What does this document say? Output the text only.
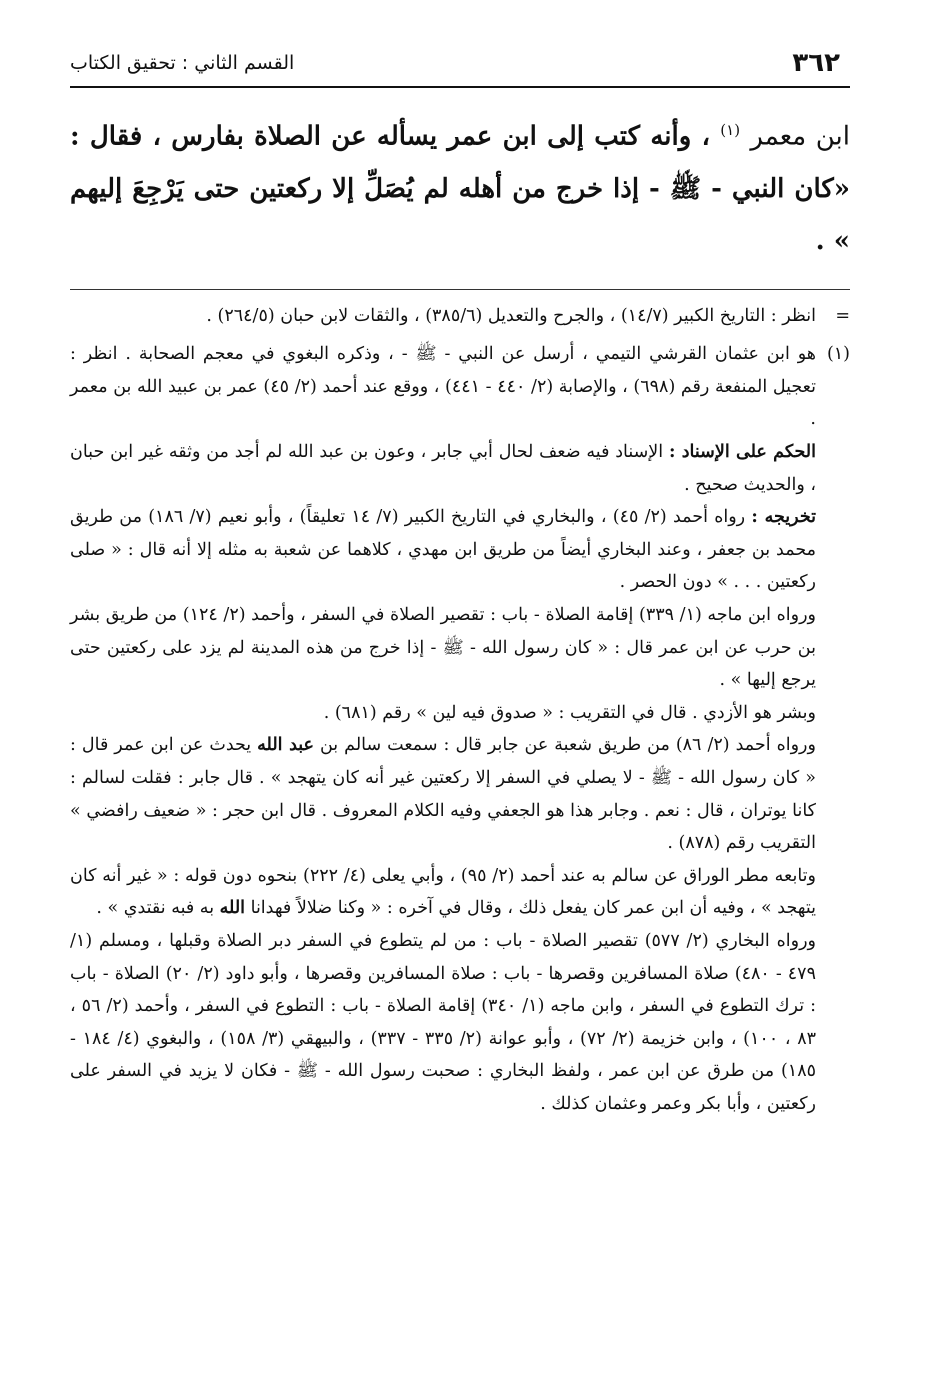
٣٦٢
القسم الثاني : تحقيق الكتاب
ابن معمر $^{(١)}$ ، وأنه كتب إلى ابن عمر يسأله عن الصلاة بفارس ، فقال : «كان النبي - ﷺ - إذا خرج من أهله لم يُصَلِّ إلا ركعتين حتى يَرْجِعَ إليهم » .

=
انظر : التاريخ الكبير (١٤/٧) ، والجرح والتعديل (٣٨٥/٦) ، والثقات لابن حبان (٢٦٤/٥) .

(١)

هو ابن عثمان القرشي التيمي ، أرسل عن النبي - ﷺ - ، وذكره البغوي في معجم الصحابة . انظر : تعجيل المنفعة رقم (٦٩٨) ، والإصابة (٢/ ٤٤٠ - ٤٤١) ، ووقع عند أحمد (٢/ ٤٥) عمر بن عبيد الله بن معمر .

الحكم على الإسناد : الإسناد فيه ضعف لحال أبي جابر ، وعون بن عبد الله لم أجد من وثقه غير ابن حبان ، والحديث صحيح .

تخريجه : رواه أحمد (٢/ ٤٥) ، والبخاري في التاريخ الكبير (٧/ ١٤ تعليقاً) ، وأبو نعيم (٧/ ١٨٦) من طريق محمد بن جعفر ، وعند البخاري أيضاً من طريق ابن مهدي ، كلاهما عن شعبة به مثله إلا أنه قال : « صلى ركعتين . . . » دون الحصر .

ورواه ابن ماجه (١/ ٣٣٩) إقامة الصلاة - باب : تقصير الصلاة في السفر ، وأحمد (٢/ ١٢٤) من طريق بشر بن حرب عن ابن عمر قال : « كان رسول الله - ﷺ - إذا خرج من هذه المدينة لم يزد على ركعتين حتى يرجع إليها » .

وبشر هو الأزدي . قال في التقريب : « صدوق فيه لين » رقم (٦٨١) .

ورواه أحمد (٢/ ٨٦) من طريق شعبة عن جابر قال : سمعت سالم بن عبد الله يحدث عن ابن عمر قال : « كان رسول الله - ﷺ - لا يصلي في السفر إلا ركعتين غير أنه كان يتهجد » . قال جابر : فقلت لسالم : كانا يوتران ، قال : نعم . وجابر هذا هو الجعفي وفيه الكلام المعروف . قال ابن حجر : « ضعيف رافضي » التقريب رقم (٨٧٨) .

وتابعه مطر الوراق عن سالم به عند أحمد (٢/ ٩٥) ، وأبي يعلى (٤/ ٢٢٢) بنحوه دون قوله : « غير أنه كان يتهجد » ، وفيه أن ابن عمر كان يفعل ذلك ، وقال في آخره : « وكنا ضلالاً فهدانا الله به فبه نقتدي » .

ورواه البخاري (٢/ ٥٧٧) تقصير الصلاة - باب : من لم يتطوع في السفر دبر الصلاة وقبلها ، ومسلم (١/ ٤٧٩ - ٤٨٠) صلاة المسافرين وقصرها - باب : صلاة المسافرين وقصرها ، وأبو داود (٢/ ٢٠) الصلاة - باب : ترك التطوع في السفر ، وابن ماجه (١/ ٣٤٠) إقامة الصلاة - باب : التطوع في السفر ، وأحمد (٢/ ٥٦ ، ٨٣ ، ١٠٠) ، وابن خزيمة (٢/ ٧٢) ، وأبو عوانة (٢/ ٣٣٥ - ٣٣٧) ، والبيهقي (٣/ ١٥٨) ، والبغوي (٤/ ١٨٤ - ١٨٥) من طرق عن ابن عمر ، ولفظ البخاري : صحبت رسول الله - ﷺ - فكان لا يزيد في السفر على ركعتين ، وأبا بكر وعمر وعثمان كذلك .
